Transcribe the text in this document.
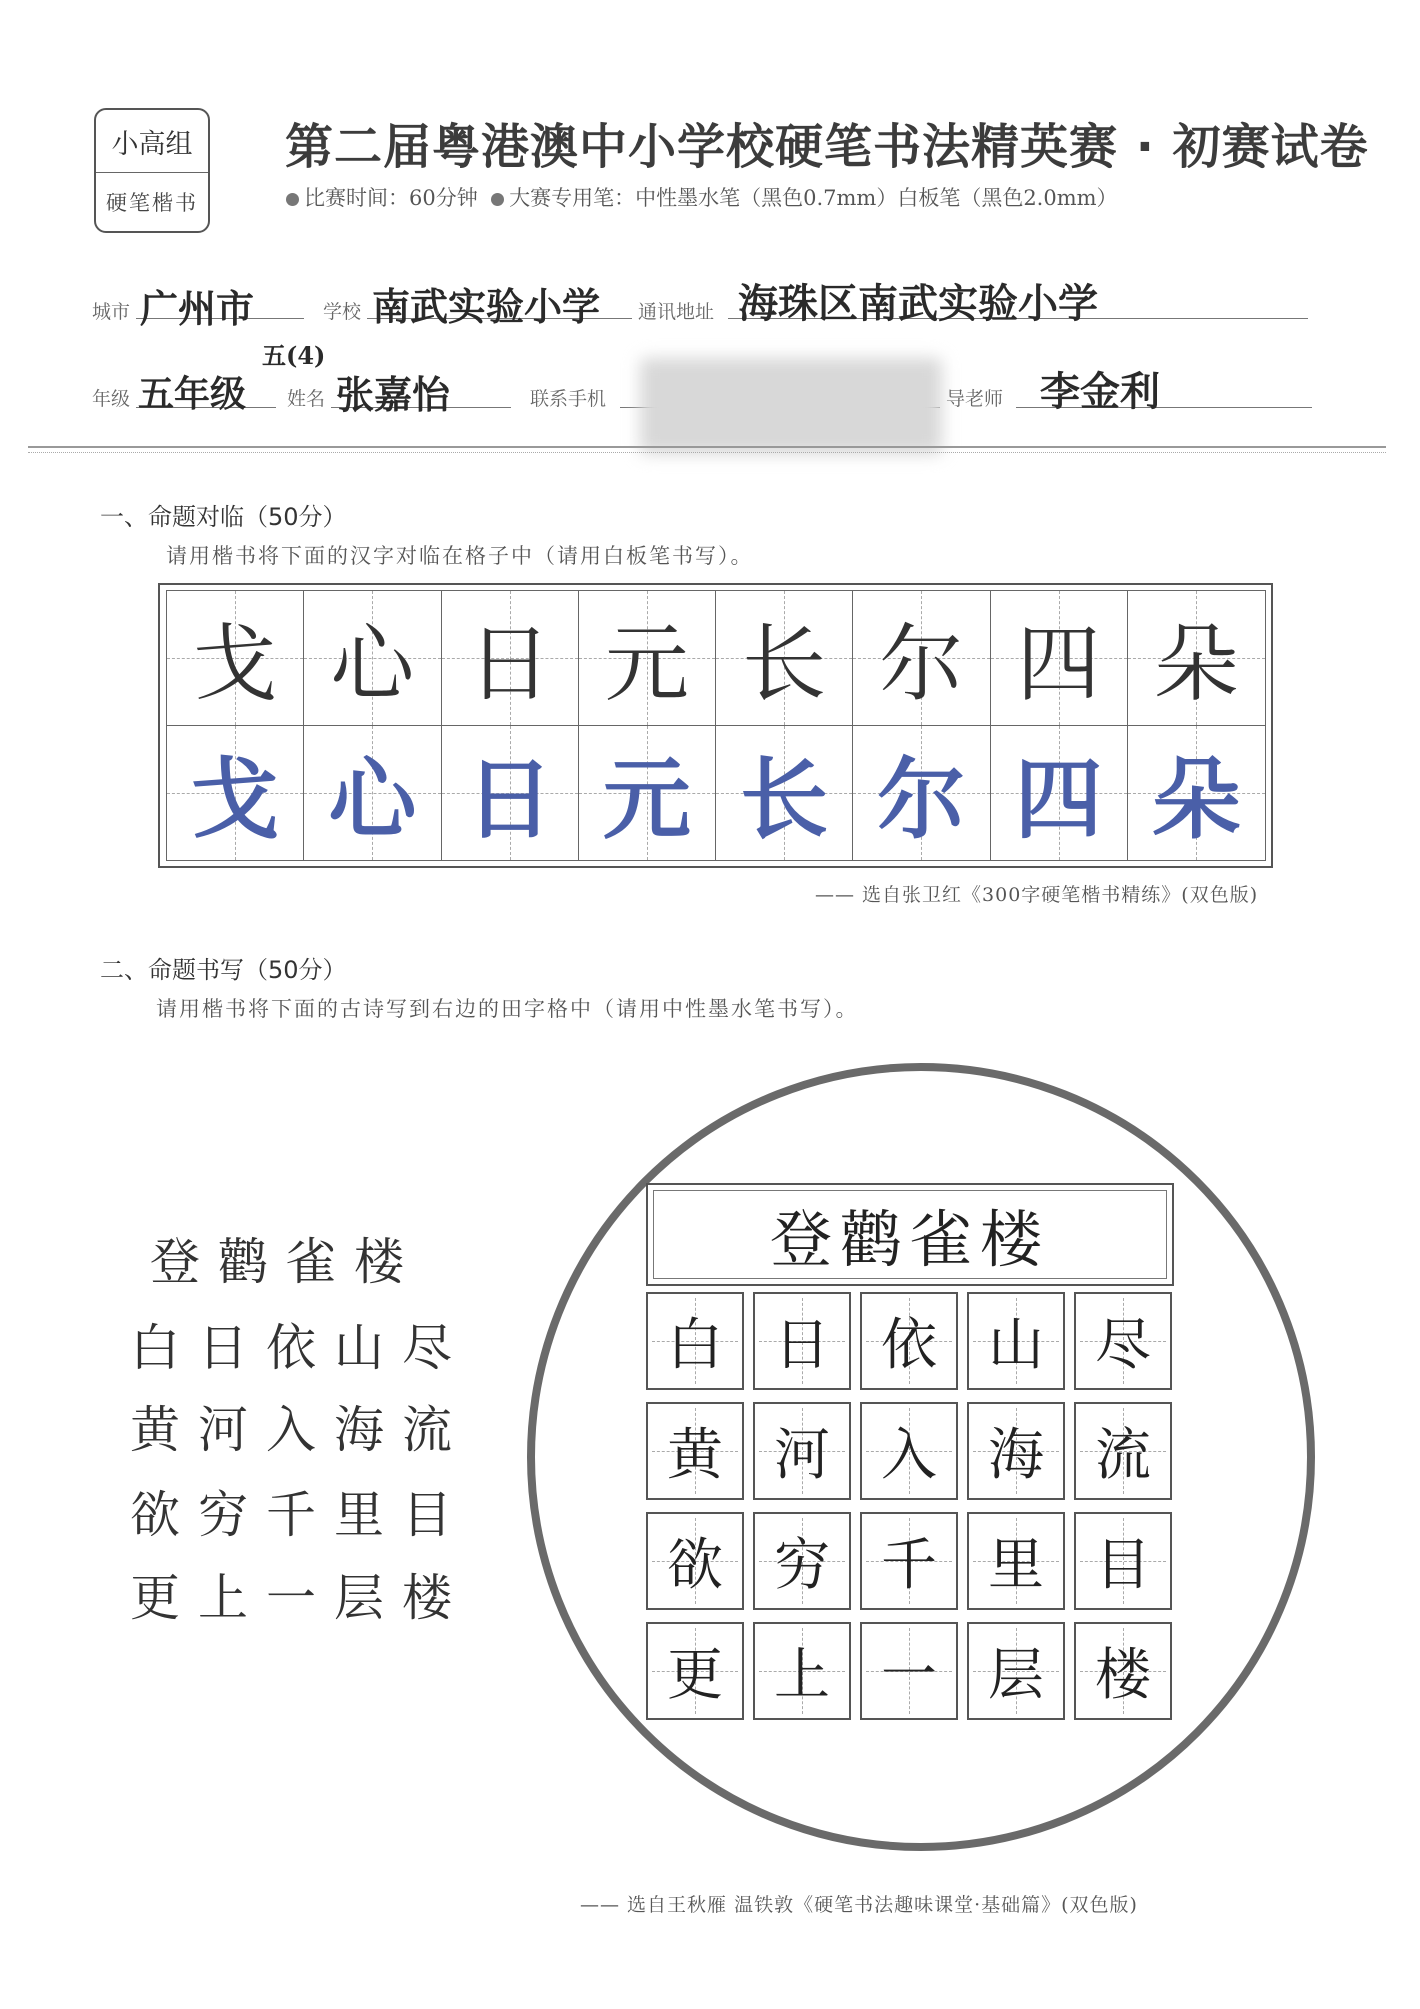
小高组
硬笔楷书
第二届粤港澳中小学校硬笔书法精英赛 · 初赛试卷
比赛时间：60分钟 大赛专用笔：中性墨水笔（黑色0.7mm）白板笔（黑色2.0mm）
城市 广州市	学校 南武实验小学 通讯地址 海珠区南武实验小学
年级 五年级
五(4)
姓名 张嘉怡	联系手机	导老师 李金利
一、命题对临（50分）
请用楷书将下面的汉字对临在格子中（请用白板笔书写）。
戈 心 日 元 长 尔 四 朵
戈 心 日 元 长 尔 四 朵
—— 选自张卫红《300字硬笔楷书精练》(双色版)
二、命题书写（50分）
请用楷书将下面的古诗写到右边的田字格中（请用中性墨水笔书写）。
登鹳雀楼
白日依山尽
黄河入海流
欲穷千里目
更上一层楼
登鹳雀楼
白 日 依 山 尽
黄 河 入 海 流
欲 穷 千 里 目
更 上 一 层 楼
—— 选自王秋雁 温铁敦《硬笔书法趣味课堂·基础篇》(双色版)
